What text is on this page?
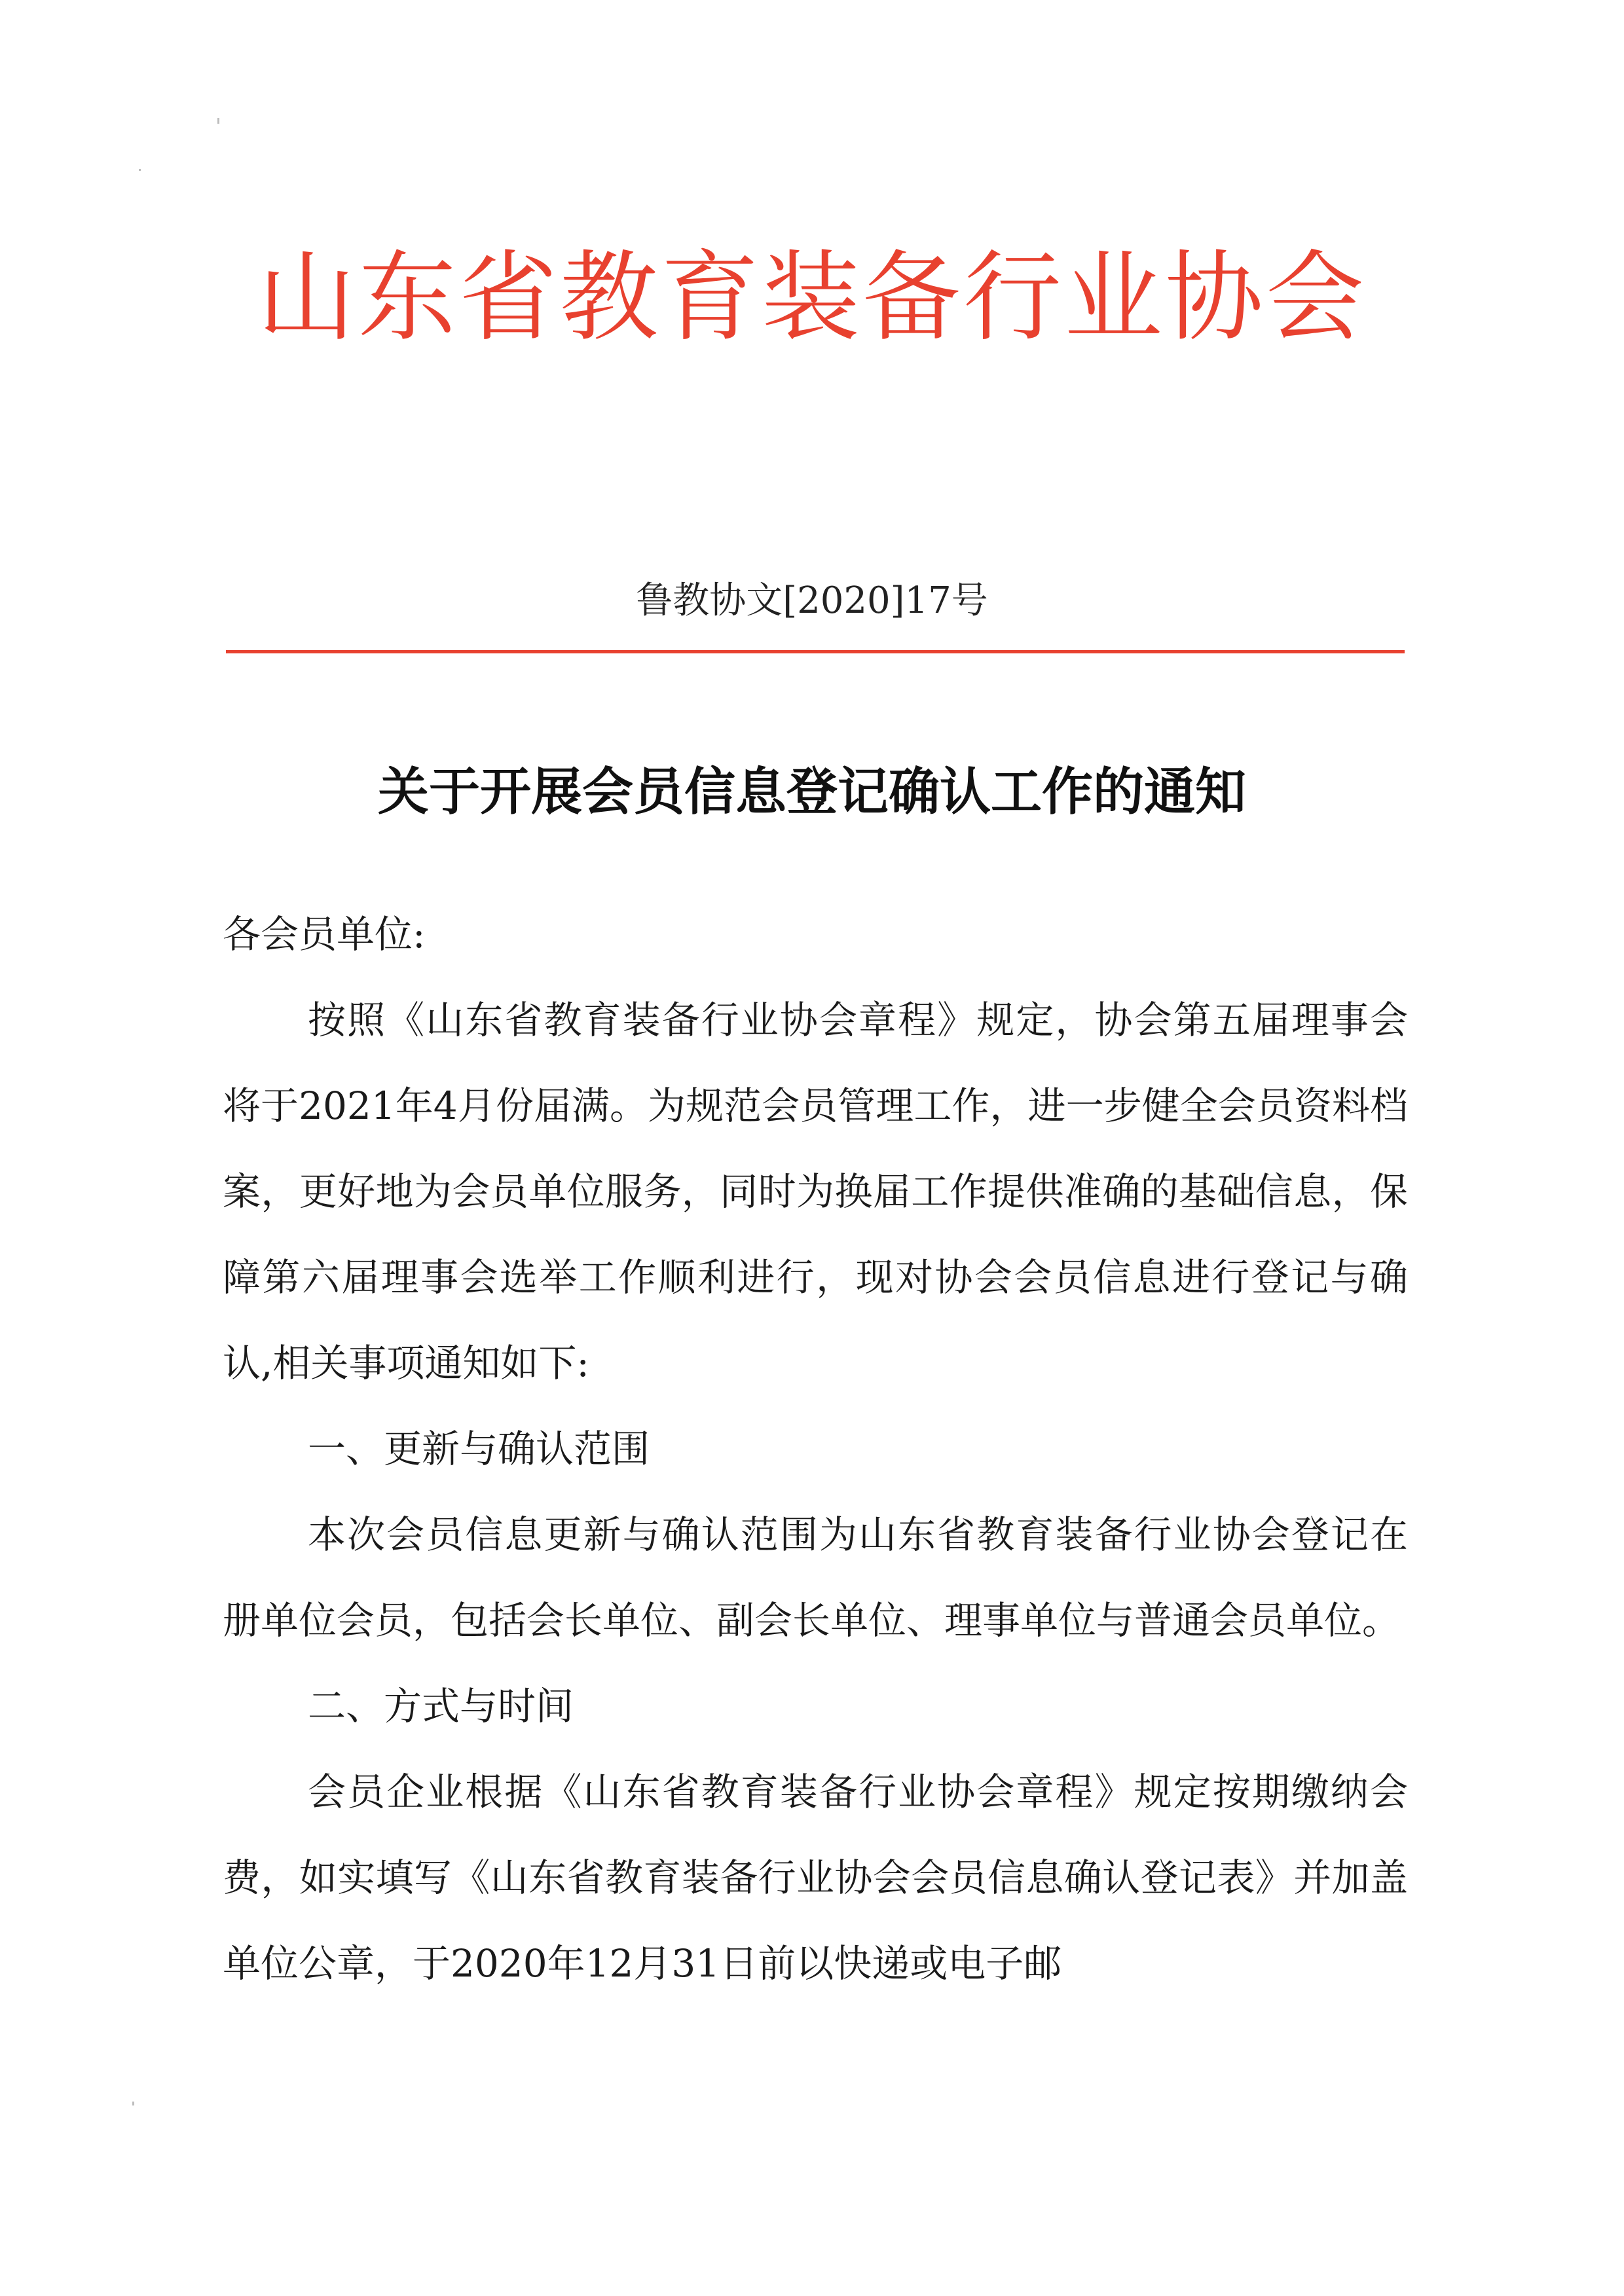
山东省教育装备行业协会
鲁教协文[2020]17号
关于开展会员信息登记确认工作的通知

各会员单位:

按照《山东省教育装备行业协会章程》规定，协会第五届理事会将于2021年4月份届满。为规范会员管理工作，进一步健全会员资料档案，更好地为会员单位服务，同时为换届工作提供准确的基础信息，保障第六届理事会选举工作顺利进行，现对协会会员信息进行登记与确认,相关事项通知如下:

一、更新与确认范围

本次会员信息更新与确认范围为山东省教育装备行业协会登记在册单位会员，包括会长单位、副会长单位、理事单位与普通会员单位。

二、方式与时间

会员企业根据《山东省教育装备行业协会章程》规定按期缴纳会费，如实填写《山东省教育装备行业协会会员信息确认登记表》并加盖单位公章，于2020年12月31日前以快递或电子邮
